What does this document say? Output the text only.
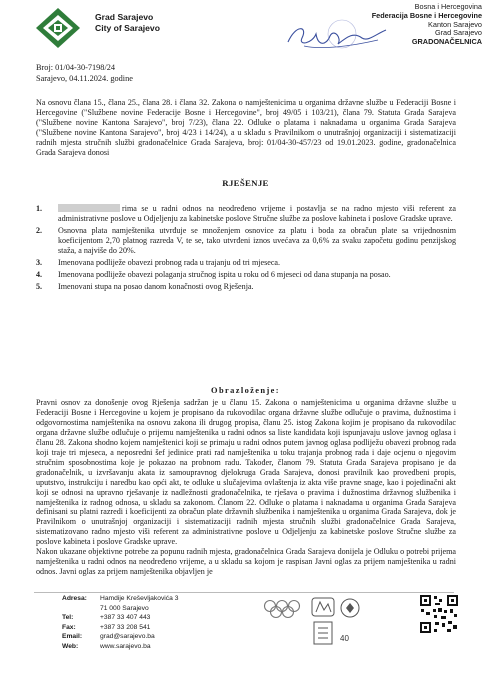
Grad Sarajevo
City of Sarajevo
Bosna i Hercegovina
Federacija Bosne i Hercegovine
Kanton Sarajevo
Grad Sarajevo
GRADONAČELNICA
Broj: 01/04-30-7198/24
Sarajevo, 04.11.2024. godine
Na osnovu člana 15., člana 25., člana 28. i člana 32. Zakona o namještenicima u organima državne službe u Federaciji Bosne i Hercegovine ("Službene novine Federacije Bosne i Hercegovine", broj 49/05 i 103/21), člana 79. Statuta Grada Sarajeva ("Službene novine Kantona Sarajevo", broj 7/23), člana 22. Odluke o platama i naknadama u organima Grada Sarajeva ("Službene novine Kantona Sarajevo", broj 4/23 i 14/24), a u skladu s Pravilnikom o unutrašnjoj organizaciji i sistematizaciji radnih mjesta stručnih službi gradonačelnice Grada Sarajeva, broj: 01/04-30-457/23 od 19.01.2023. godine, gradonačelnica Grada Sarajeva donosi
RJEŠENJE
1.	rima se u radni odnos na neodređeno vrijeme i postavlja se na radno mjesto viši referent za administrativne poslove u Odjeljenju za kabinetske poslove Stručne službe za poslove kabineta i poslove Gradske uprave.
2. Osnovna plata namještenika utvrđuje se množenjem osnovice za platu i boda za obračun plate sa vrijednosnim koeficijentom 2,70 platnog razreda V, te se, tako utvrđeni iznos uvećava za 0,6% za svaku započetu godinu penzijskog staža, a najviše do 20%.
3. Imenovana podliježe obavezi probnog rada u trajanju od tri mjeseca.
4. Imenovana podliježe obavezi polaganja stručnog ispita u roku od 6 mjeseci od dana stupanja na posao.
5. Imenovani stupa na posao danom konačnosti ovog Rješenja.
Obrazloženje:

Pravni osnov za donošenje ovog Rješenja sadržan je u članu 15. Zakona o namještenicima u organima državne službe u Federaciji Bosne i Hercegovine u kojem je propisano da rukovodilac organa državne službe odlučuje o pravima, dužnostima i odgovornostima namještenika na osnovu zakona ili drugog propisa, članu 25. istog Zakona kojim je propisano da rukovodilac organa državne službe odlučuje o prijemu namještenika u radni odnos sa liste kandidata koji ispunjavaju uslove javnog oglasa i članu 28. Zakona shodno kojem namještenici koji se primaju u radni odnos putem javnog oglasa podliježu obavezi probnog rada koji traje tri mjeseca, a neposredni šef jedinice prati rad namještenika u toku trajanja probnog rada i daje ocjenu o njegovim stručnim sposobnostima koje je pokazao na probnom radu. Također, članom 79. Statuta Grada Sarajeva propisano je da gradonačelnik, u izvršavanju akata iz samoupravnog djelokruga Grada Sarajeva, donosi pravilnik kao provedbeni propis, uputstvo, instrukciju i naredbu kao opći akt, te odluke u slučajevima ovlaštenja iz akta više pravne snage, kao i pojedinačni akt koji se odnosi na upravno rješavanje iz nadležnosti gradonačelnika, te rješava o pravima i dužnostima državnog službenika i namještenika iz radnog odnosa, u skladu sa zakonom. Članom 22. Odluke o platama i naknadama u organima Grada Sarajeva definisani su platni razredi i koeficijenti za obračun plate državnih službenika i namještenika u organima Grada Sarajeva, dok je Pravilnikom o unutrašnjoj organizaciji i sistematizaciji radnih mjesta stručnih službi gradonačelnice Grada Sarajeva, sistematizovano radno mjesto viši referent za administrativne poslove u Odjeljenju za kabinetske poslove Stručne službe za poslove kabineta i poslove Gradske uprave.

Nakon ukazane objektivne potrebe za popunu radnih mjesta, gradonačelnica Grada Sarajeva donijela je Odluku o potrebi prijema namještenika u radni odnos na neodređeno vrijeme, a u skladu sa kojom je raspisan Javni oglas za prijem namještenika u radni odnos. Javni oglas za prijem namještenika objavljen je

Adresa: Hamdije Kreševljakovića 3
71 000 Sarajevo
Tel:	+387 33 407 443
Fax:	+387 33 208 541
Email:	grad@sarajevo.ba
Web:	www.sarajevo.ba
40
